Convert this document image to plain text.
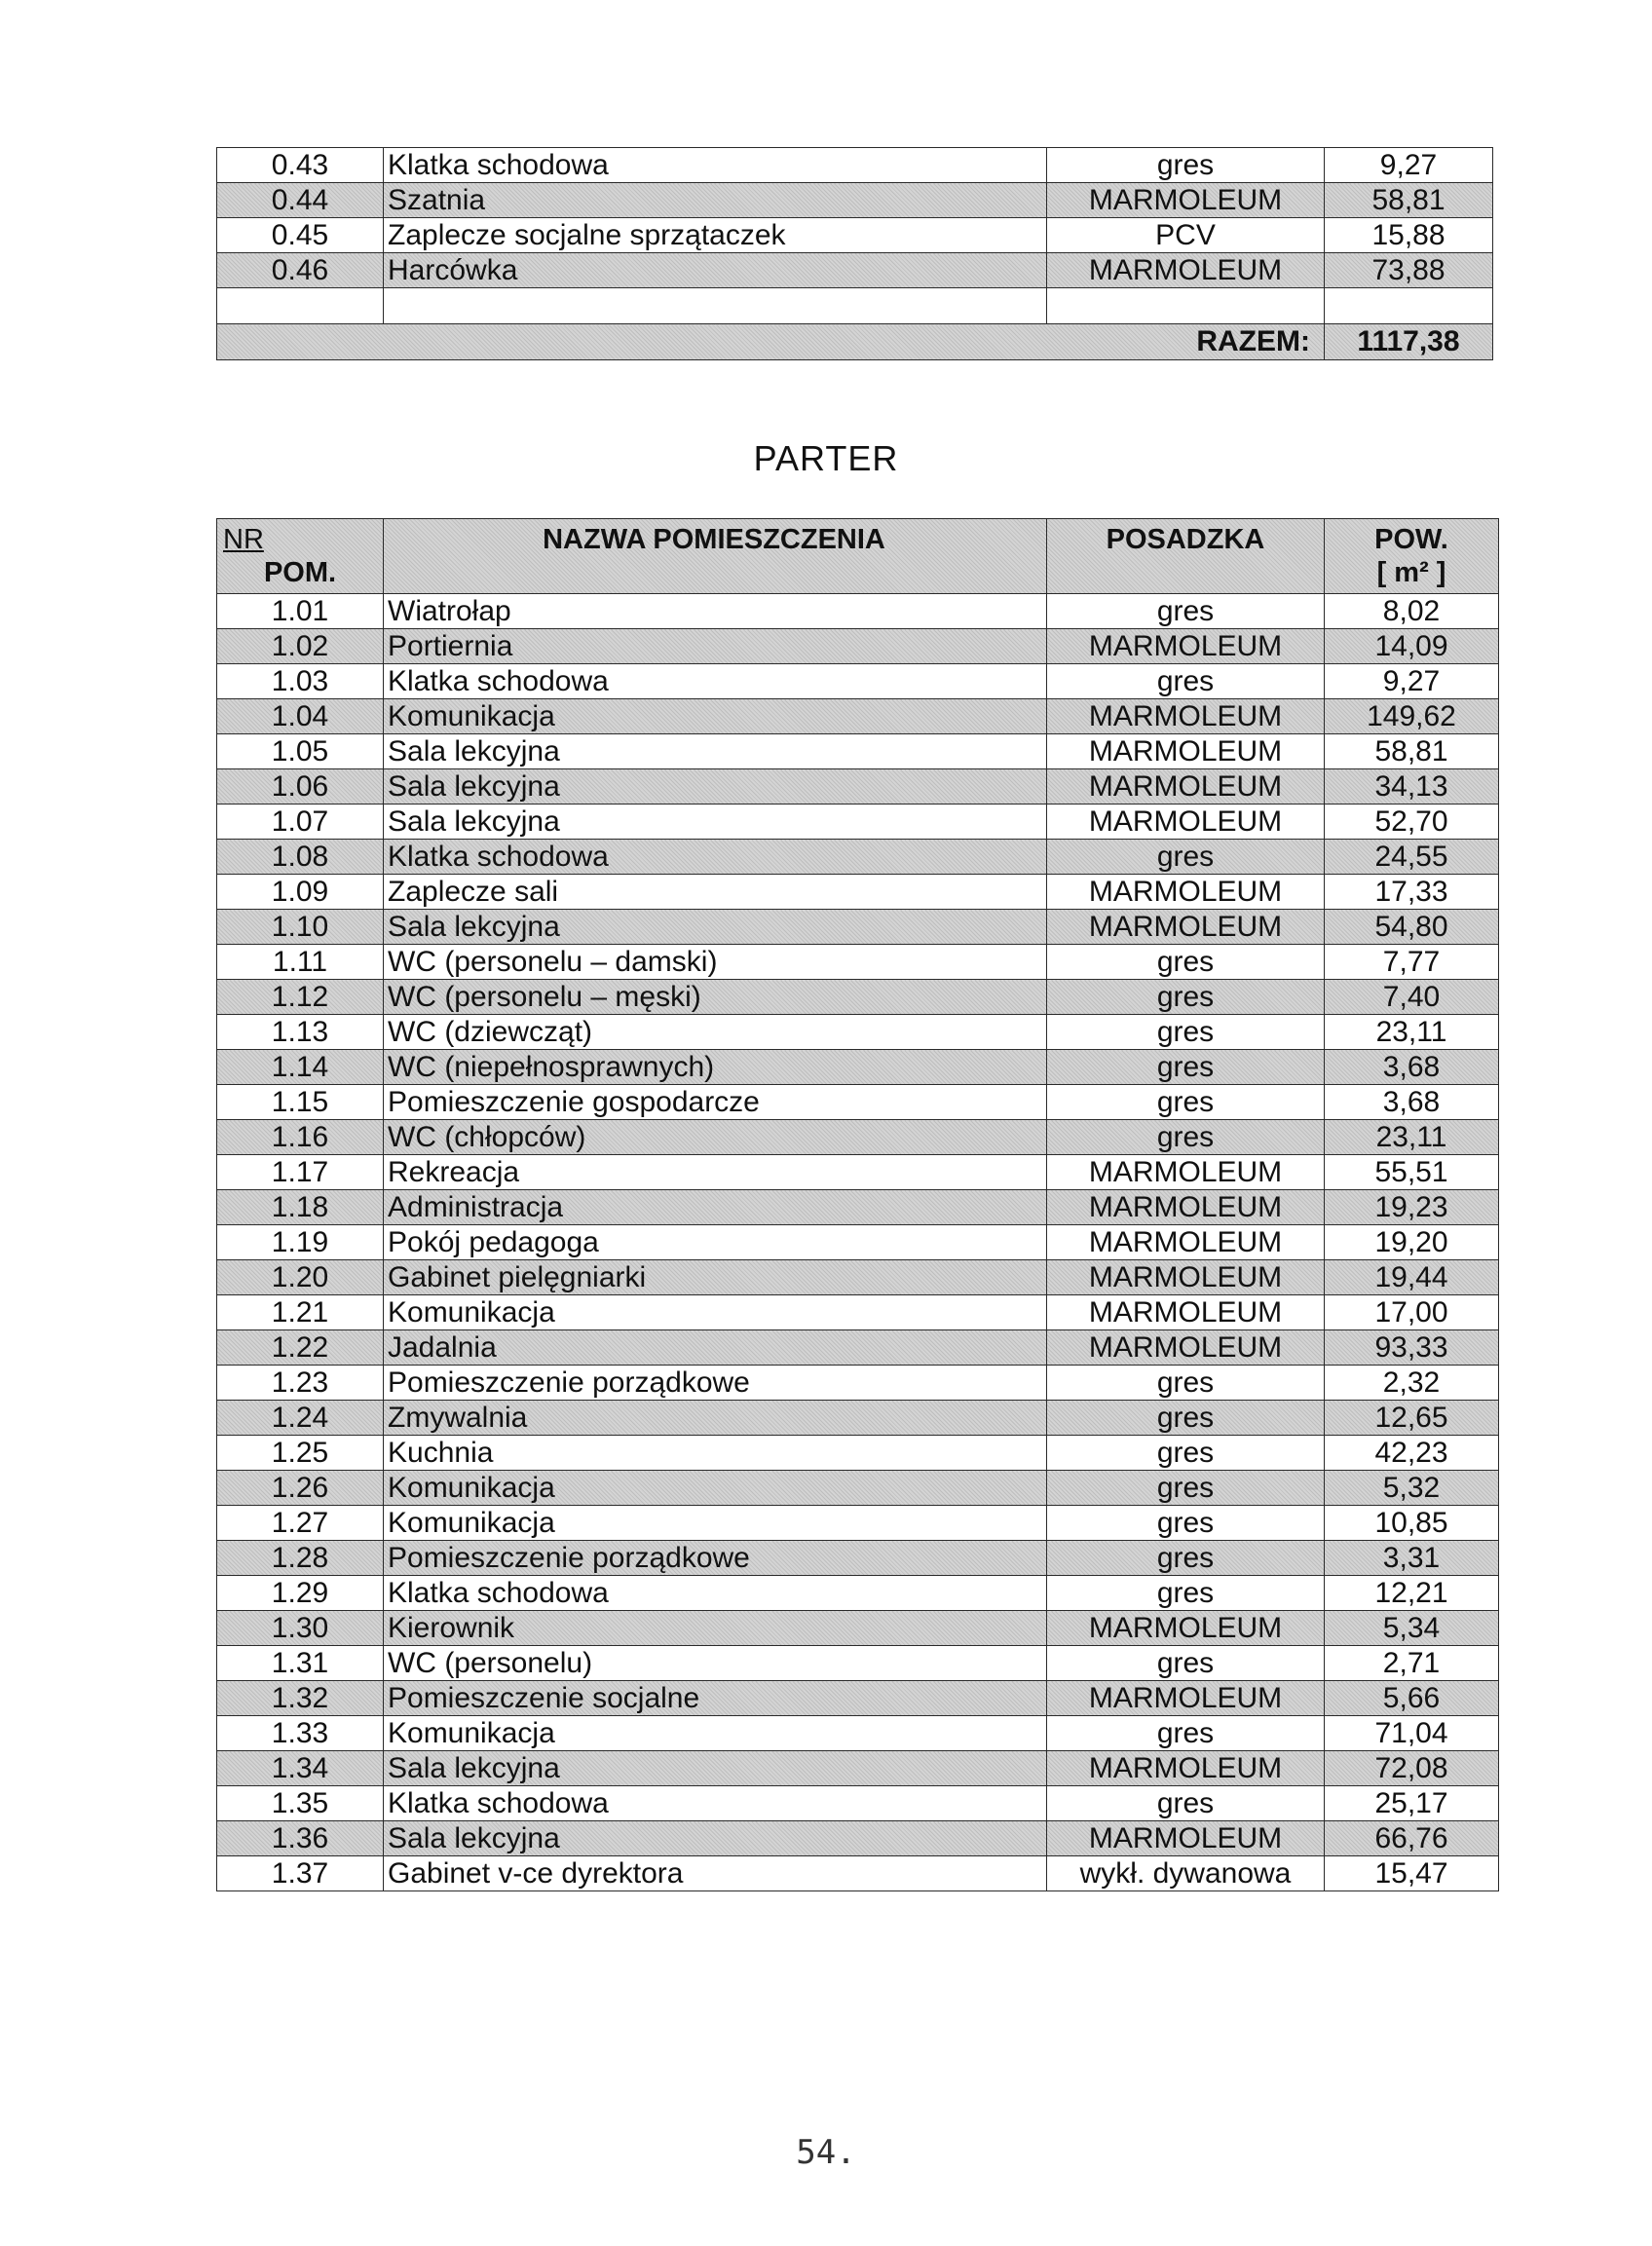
0.43	Klatka schodowa	gres	9,27
0.44	Szatnia	MARMOLEUM	58,81
0.45	Zaplecze socjalne sprzątaczek	PCV	15,88
0.46	Harcówka	MARMOLEUM	73,88

RAZEM:			1117,38
PARTER
NR
POM.	NAZWA POMIESZCZENIA	POSADZKA	POW.
[ m² ]

1.01	Wiatrołap	gres	8,02
1.02	Portiernia	MARMOLEUM	14,09
1.03	Klatka schodowa	gres	9,27
1.04	Komunikacja	MARMOLEUM	149,62
1.05	Sala lekcyjna	MARMOLEUM	58,81
1.06	Sala lekcyjna	MARMOLEUM	34,13
1.07	Sala lekcyjna	MARMOLEUM	52,70
1.08	Klatka schodowa	gres	24,55
1.09	Zaplecze sali	MARMOLEUM	17,33
1.10	Sala lekcyjna	MARMOLEUM	54,80
1.11	WC (personelu – damski)	gres	7,77
1.12	WC (personelu – męski)	gres	7,40
1.13	WC (dziewcząt)	gres	23,11
1.14	WC (niepełnosprawnych)	gres	3,68
1.15	Pomieszczenie gospodarcze	gres	3,68
1.16	WC (chłopców)	gres	23,11
1.17	Rekreacja	MARMOLEUM	55,51
1.18	Administracja	MARMOLEUM	19,23
1.19	Pokój pedagoga	MARMOLEUM	19,20
1.20	Gabinet pielęgniarki	MARMOLEUM	19,44
1.21	Komunikacja	MARMOLEUM	17,00
1.22	Jadalnia	MARMOLEUM	93,33
1.23	Pomieszczenie porządkowe	gres	2,32
1.24	Zmywalnia	gres	12,65
1.25	Kuchnia	gres	42,23
1.26	Komunikacja	gres	5,32
1.27	Komunikacja	gres	10,85
1.28	Pomieszczenie porządkowe	gres	3,31
1.29	Klatka schodowa	gres	12,21
1.30	Kierownik	MARMOLEUM	5,34
1.31	WC (personelu)	gres	2,71
1.32	Pomieszczenie socjalne	MARMOLEUM	5,66
1.33	Komunikacja	gres	71,04
1.34	Sala lekcyjna	MARMOLEUM	72,08
1.35	Klatka schodowa	gres	25,17
1.36	Sala lekcyjna	MARMOLEUM	66,76
1.37	Gabinet v-ce dyrektora	wykł. dywanowa	15,47
54.
